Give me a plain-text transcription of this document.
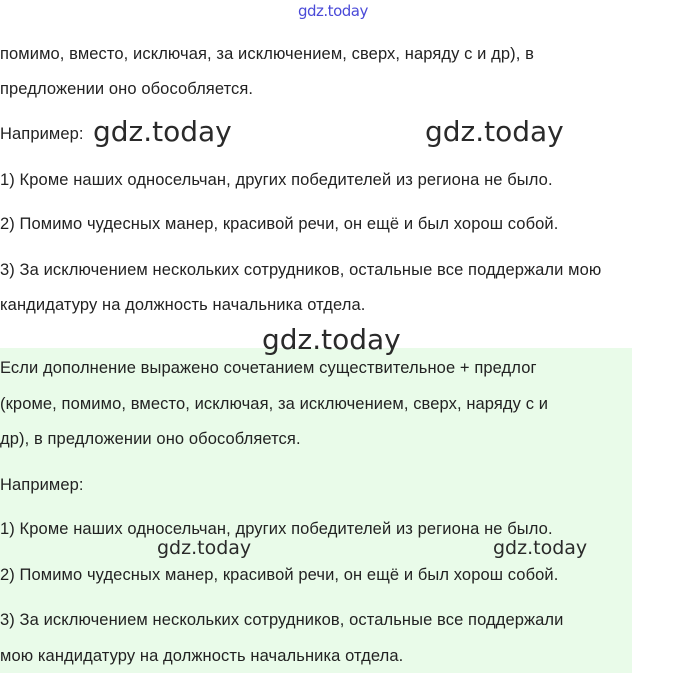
gdz.today
помимо, вместо, исключая, за исключением, сверх, наряду с и др), в
предложении оно обособляется.
Например:
1) Кроме наших односельчан, других победителей из региона не было.
2) Помимо чудесных манер, красивой речи, он ещё и был хорош собой.
3) За исключением нескольких сотрудников, остальные все поддержали мою
кандидатуру на должность начальника отдела.
Если дополнение выражено сочетанием существительное + предлог
(кроме, помимо, вместо, исключая, за исключением, сверх, наряду с и
др), в предложении оно обособляется.
Например:
1) Кроме наших односельчан, других победителей из региона не было.
2) Помимо чудесных манер, красивой речи, он ещё и был хорош собой.
3) За исключением нескольких сотрудников, остальные все поддержали
мою кандидатуру на должность начальника отдела.
gdz.today	gdz.today
gdz.today
gdz.today	gdz.today
